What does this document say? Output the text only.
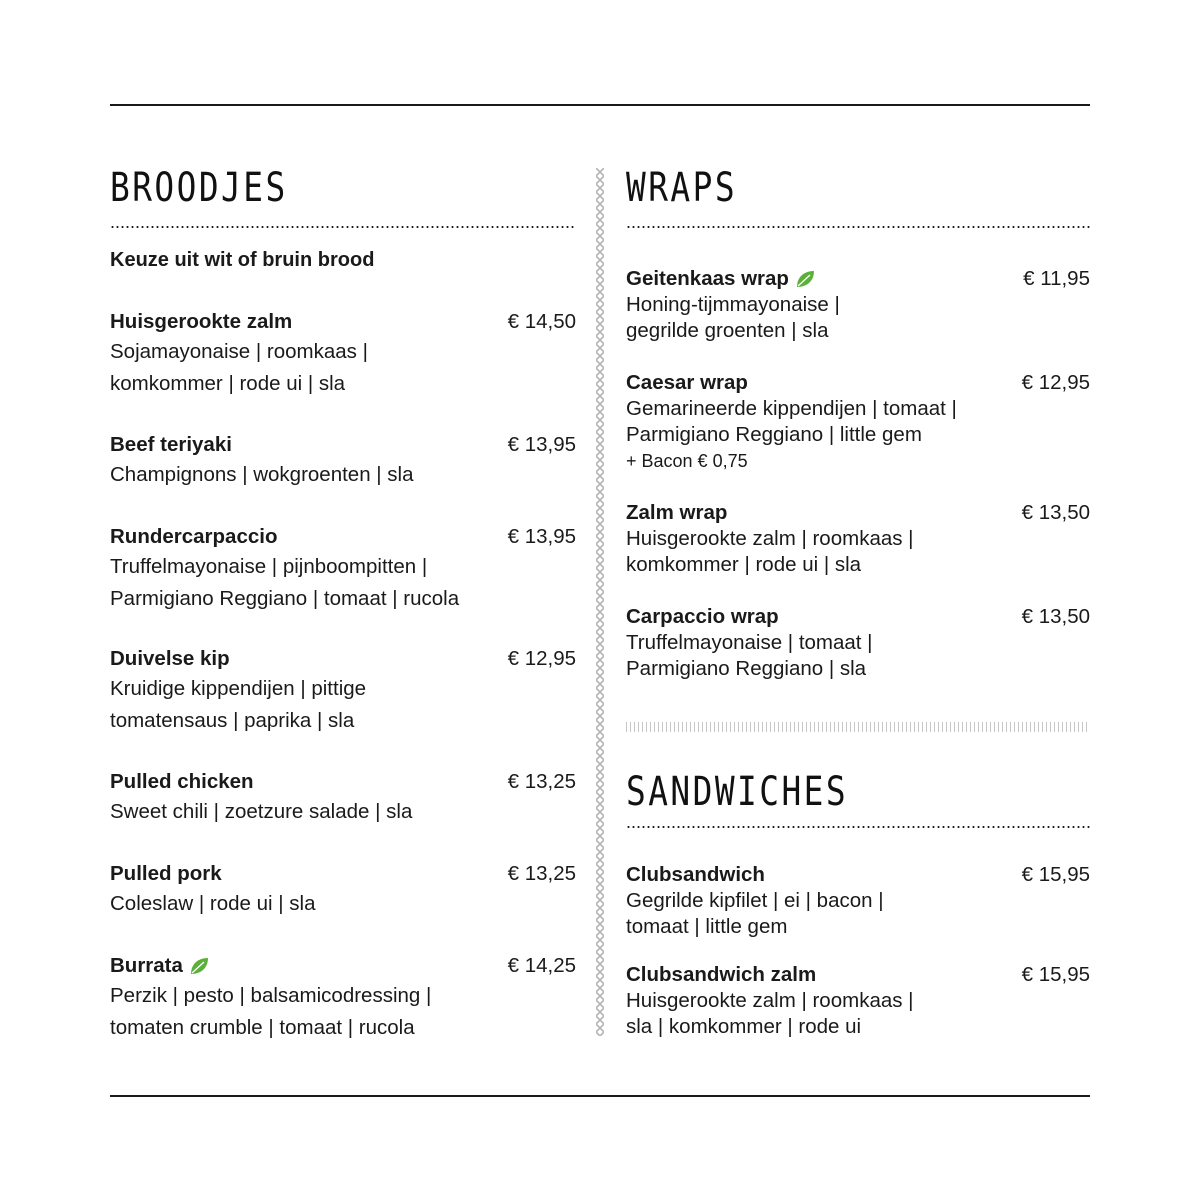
BROODJES
Keuze uit wit of bruin brood
Huisgerookte zalm	€ 14,50
Sojamayonaise | roomkaas |
komkommer | rode ui | sla
Beef teriyaki	€ 13,95
Champignons | wokgroenten | sla
Rundercarpaccio	€ 13,95
Truffelmayonaise | pijnboompitten |
Parmigiano Reggiano | tomaat | rucola
Duivelse kip	€ 12,95
Kruidige kippendijen | pittige
tomatensaus | paprika | sla
Pulled chicken	€ 13,25
Sweet chili | zoetzure salade | sla
Pulled pork	€ 13,25
Coleslaw | rode ui | sla
Burrata	€ 14,25
Perzik | pesto | balsamicodressing |
tomaten crumble | tomaat | rucola
WRAPS
Geitenkaas wrap	€ 11,95
Honing-tijmmayonaise |
gegrilde groenten | sla
Caesar wrap	€ 12,95
Gemarineerde kippendijen | tomaat |
Parmigiano Reggiano | little gem
+ Bacon € 0,75
Zalm wrap	€ 13,50
Huisgerookte zalm | roomkaas |
komkommer | rode ui | sla
Carpaccio wrap	€ 13,50
Truffelmayonaise | tomaat |
Parmigiano Reggiano | sla
SANDWICHES
Clubsandwich	€ 15,95
Gegrilde kipfilet | ei | bacon |
tomaat | little gem
Clubsandwich zalm	€ 15,95
Huisgerookte zalm | roomkaas |
sla | komkommer | rode ui
